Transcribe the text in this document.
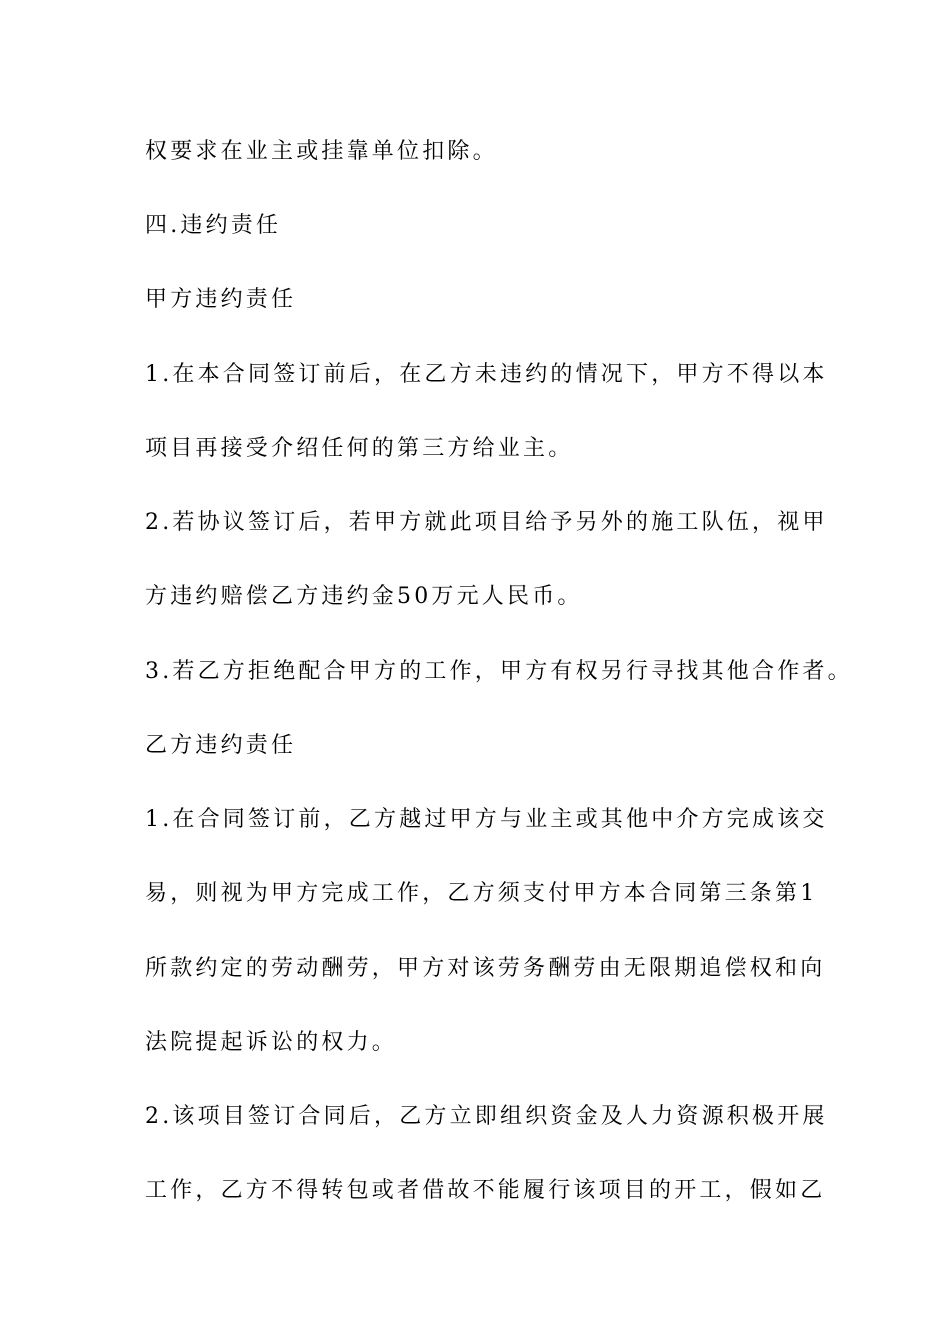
权要求在业主或挂靠单位扣除。
四.违约责任
甲方违约责任
1.在本合同签订前后，在乙方未违约的情况下，甲方不得以本
项目再接受介绍任何的第三方给业主。
2.若协议签订后，若甲方就此项目给予另外的施工队伍，视甲
方违约赔偿乙方违约金50万元人民币。
3.若乙方拒绝配合甲方的工作，甲方有权另行寻找其他合作者。
乙方违约责任
1.在合同签订前，乙方越过甲方与业主或其他中介方完成该交
易，则视为甲方完成工作，乙方须支付甲方本合同第三条第1
所款约定的劳动酬劳，甲方对该劳务酬劳由无限期追偿权和向
法院提起诉讼的权力。
2.该项目签订合同后，乙方立即组织资金及人力资源积极开展
工作，乙方不得转包或者借故不能履行该项目的开工，假如乙
